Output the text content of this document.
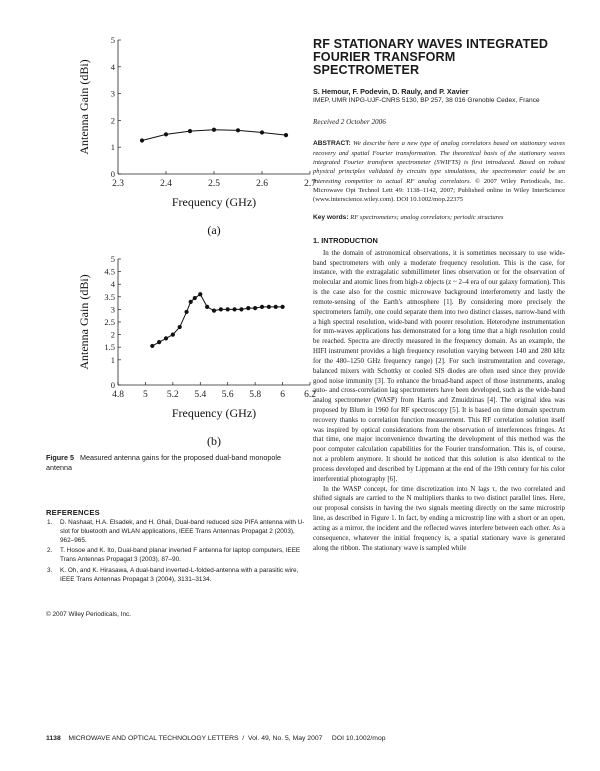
2.3	2.4	2.5	2.6	2.7
0
1
2
3
4
5
Frequency (GHz)
Antenna Gain (dBi)
(a)

4.8 5 5.2 5.4 5.6 5.8 6 6.2
0
1
1.5
2
2.5
3
3.5
4
4.5
5
Frequency (GHz)
Antenna Gain (dBi)
(b)
Figure 5 Measured antenna gains for the proposed dual-band monopole antenna
REFERENCES
1. D. Nashaat, H.A. Elsadek, and H. Ghali, Dual-band reduced size PIFA antenna with U-slot for bluetooth and WLAN applications, IEEE Trans Antennas Propagat 2 (2003), 962–965.
2. T. Hosoe and K. Ito, Dual-band planar inverted F antenna for laptop computers, IEEE Trans Antennas Propagat 3 (2003), 87–90.
3. K. Oh, and K. Hirasawa, A dual-band inverted-L-folded-antenna with a parasitic wire, IEEE Trans Antennas Propagat 3 (2004), 3131–3134.
© 2007 Wiley Periodicals, Inc.
RF STATIONARY WAVES INTEGRATED FOURIER TRANSFORM SPECTROMETER
S. Hemour, F. Podevin, D. Rauly, and P. Xavier
IMEP, UMR INPG-UJF-CNRS 5130, BP 257, 38 016 Grenoble Cedex, France
Received 2 October 2006
ABSTRACT: We describe here a new type of analog correlators based on stationary waves recovery and spatial Fourier transformation. The theoretical basis of the stationary waves integrated Fourier transform spectrometer (SWIFTS) is first introduced. Based on robust physical principles validated by circuits type simulations, the spectrometer could be an interesting competitor to actual RF analog correlators. © 2007 Wiley Periodicals, Inc. Microwave Opt Technol Lett 49: 1138–1142, 2007; Published online in Wiley InterScience (www.interscience.wiley.com). DOI 10.1002/mop.22375
Key words: RF spectrometers; analog correlators; periodic structures
1. INTRODUCTION

In the domain of astronomical observations, it is sometimes necessary to use wide-band spectrometers with only a moderate frequency resolution. This is the case, for instance, with the extragalatic submillimeter lines observation or for the observation of molecular and atomic lines from high-z objects (z ~ 2–4 era of our galaxy formation). This is the case also for the cosmic microwave background interferometry and lastly the remote-sensing of the Earth's atmosphere [1]. By considering more precisely the spectrometers family, one could separate them into two distinct classes, narrow-band with a high spectral resolution, wide-band with poorer resolution. Heterodyne instrumentation for mm-waves applications has demonstrated for a long time that a high resolution could be reached. Spectra are directly measured in the frequency domain. As an example, the HIFI instrument provides a high frequency resolution varying between 140 and 280 kHz for the 480–1250 GHz frequency range) [2]. For such instrumentation and coverage, balanced mixers with Schottky or cooled SIS diodes are often used since they provide good noise immunity [3]. To enhance the broad-band aspect of those instruments, analog auto- and cross-correlation lag spectrometers have been developed, such as the wide-band analog spectrometer (WASP) from Harris and Zmuidzinas [4]. The original idea was proposed by Blum in 1960 for RF spectroscopy [5]. It is based on time domain spectrum recovery thanks to correlation function measurement. This RF correlation solution itself was inspired by optical considerations from the observation of interferences fringes. At that time, one major inconvenience thwarting the development of this method was the poor computer calculation capabilities for the Fourier transformation. This is, of course, not a problem anymore. It should be noticed that this solution is also identical to the process developed and described by Lippmann at the end of the 19th century for his color interferential photography [6].

In the WASP concept, for time discretization into N lags τ, the two correlated and shifted signals are carried to the N multipliers thanks to two distinct parallel lines. Here, our proposal consists in having the two signals meeting directly on the same microstrip line, as described in Figure 1. In fact, by ending a microstrip line with a short or an open, acting as a mirror, the incident and the reflected waves interfere between each other. As a consequence, whatever the initial frequency is, a spatial stationary wave is generated along the ribbon. The stationary wave is sampled while

1138 MICROWAVE AND OPTICAL TECHNOLOGY LETTERS  /  Vol. 49, No. 5, May 2007 DOI 10.1002/mop
